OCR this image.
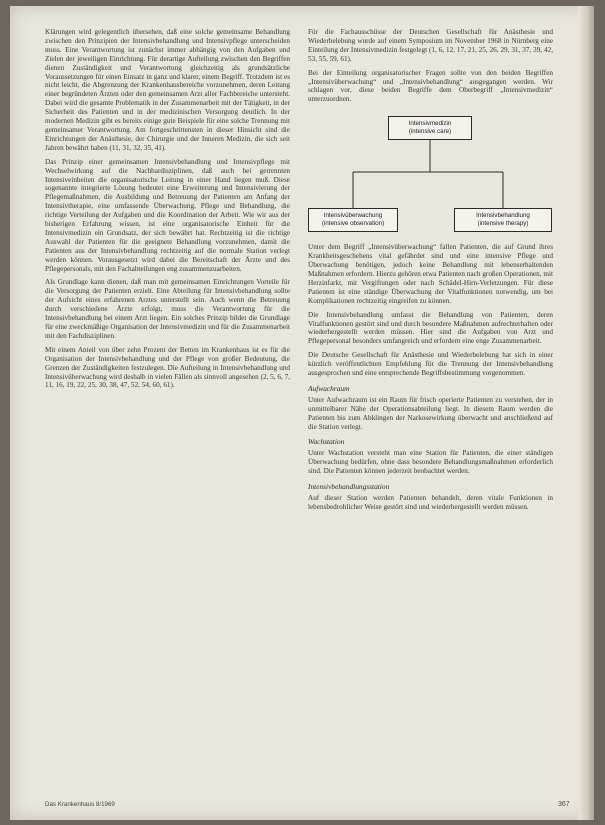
Klärungen wird gelegentlich übersehen, daß eine solche gemeinsame Behandlung zwischen den Prinzipien der Intensivbehandlung und Intensivpflege unterscheiden muss. Eine Verantwortung ist zunächst immer abhängig von den Aufgaben und Zielen der jeweiligen Einrichtung. Für derartige Aufteilung zwischen den Begriffen dienen Zuständigkeit und Verantwortung gleichzeitig als grundsätzliche Voraussetzungen für einen Einsatz in ganz und klarer, einem Begriff. Trotzdem ist es nicht leicht, die Abgrenzung der Krankenhausbereiche vorzunehmen, deren Leitung einer begründeten Ärzten oder den gemeinsamen Arzt aller Fachbereiche untersteht. Dabei wird die gesamte Problematik in der Zusammenarbeit mit der Tätigkeit, in der Sicherheit des Patienten und in der medizinischen Versorgung deutlich. In der modernen Medizin gibt es bereits einige gute Beispiele für eine solche Trennung mit gemeinsamer Verantwortung. Am fortgeschrittensten in dieser Hinsicht sind die Einrichtungen der Anästhesie, der Chirurgie und der Inneren Medizin, die sich seit Jahren bewährt haben (11, 31, 32, 35, 41).

Das Prinzip einer gemeinsamen Intensivbehandlung und Intensivpflege mit Wechselwirkung auf die Nachbardisziplinen, daß auch bei getrennten Intensiveinheiten die organisatorische Leitung in einer Hand liegen muß. Diese sogenannte integrierte Lösung bedeutet eine Erweiterung und Intensivierung der Pflegemaßnahmen, die Ausbildung und Betreuung der Patienten am Anfang der Intensivtherapie, eine umfassende Überwachung, Pflege und Behandlung, die richtige Verteilung der Aufgaben und die Koordination der Arbeit. Wie wir aus der bisherigen Erfahrung wissen, ist eine organisatorische Einheit für die Intensivmedizin ein Grundsatz, der sich bewährt hat. Rechtzeitig ist die richtige Auswahl der Patienten für die geeignete Behandlung vorzunehmen, damit die Patienten aus der Intensivbehandlung rechtzeitig auf die normale Station verlegt werden können. Vorausgesetzt wird dabei die Bereitschaft der Ärzte und des Pflegepersonals, mit den Fachabteilungen eng zusammenzuarbeiten.

Als Grundlage kann dienen, daß man mit gemeinsamen Einrichtungen Vorteile für die Versorgung der Patienten erzielt. Eine Abteilung für Intensivbehandlung sollte der Aufsicht eines erfahrenen Arztes unterstellt sein. Auch wenn die Betreuung durch verschiedene Ärzte erfolgt, muss die Verantwortung für die Intensivbehandlung bei einem Arzt liegen. Ein solches Prinzip bildet die Grundlage für eine zweckmäßige Organisation der Intensivmedizin und für die Zusammenarbeit mit den Fachdisziplinen.

Mit einem Anteil von über zehn Prozent der Betten im Krankenhaus ist es für die Organisation der Intensivbehandlung und der Pflege von großer Bedeutung, die Grenzen der Zuständigkeiten festzulegen. Die Aufteilung in Intensivbehandlung und Intensivüberwachung wird deshalb in vielen Fällen als sinnvoll angesehen (2, 5, 6, 7, 11, 16, 19, 22, 25, 30, 38, 47, 52, 54, 60, 61).

Für die Fachausschüsse der Deutschen Gesellschaft für Anästhesie und Wiederbelebung wurde auf einem Symposium im November 1968 in Nürnberg eine Einteilung der Intensivmedizin festgelegt (1, 6, 12, 17, 21, 25, 26, 29, 31, 37, 39, 42, 53, 55, 59, 61).

Bei der Einteilung organisatorischer Fragen sollte von den beiden Begriffen „Intensivüberwachung“ und „Intensivbehandlung“ ausgegangen werden. Wir schlagen vor, diese beiden Begriffe dem Oberbegriff „Intensivmedizin“ unterzuordnen.

Intensivmedizin
(intensive care)
Intensivüberwachung
(intensive observation)
Intensivbehandlung
(intensive therapy)

Unter dem Begriff „Intensivüberwachung“ fallen Patienten, die auf Grund ihres Krankheitsgeschehens vital gefährdet sind und eine intensive Pflege und Überwachung benötigen, jedoch keine Behandlung mit lebenserhaltenden Maßnahmen erfordern. Hierzu gehören etwa Patienten nach großen Operationen, mit Herzinfarkt, mit Vergiftungen oder nach Schädel-Hirn-Verletzungen. Für diese Patienten ist eine ständige Überwachung der Vitalfunktionen notwendig, um bei Komplikationen rechtzeitig eingreifen zu können.

Die Intensivbehandlung umfasst die Behandlung von Patienten, deren Vitalfunktionen gestört sind und durch besondere Maßnahmen aufrechterhalten oder wiederhergestellt werden müssen. Hier sind die Aufgaben von Arzt und Pflegepersonal besonders umfangreich und erfordern eine enge Zusammenarbeit.

Die Deutsche Gesellschaft für Anästhesie und Wiederbelebung hat sich in einer kürzlich veröffentlichten Empfehlung für die Trennung der Intensivbehandlung ausgesprochen und eine entsprechende Begriffsbestimmung vorgenommen.

Aufwachraum

Unter Aufwachraum ist ein Raum für frisch operierte Patienten zu verstehen, der in unmittelbarer Nähe der Operationsabteilung liegt. In diesem Raum werden die Patienten bis zum Abklingen der Narkosewirkung überwacht und anschließend auf die Station verlegt.

Wachstation

Unter Wachstation versteht man eine Station für Patienten, die einer ständigen Überwachung bedürfen, ohne dass besondere Behandlungsmaßnahmen erforderlich sind. Die Patienten können jederzeit beobachtet werden.

Intensivbehandlungsstation

Auf dieser Station werden Patienten behandelt, deren vitale Funktionen in lebensbedrohlicher Weise gestört sind und wiederhergestellt werden müssen.

Das Krankenhaus 8/1969	367
